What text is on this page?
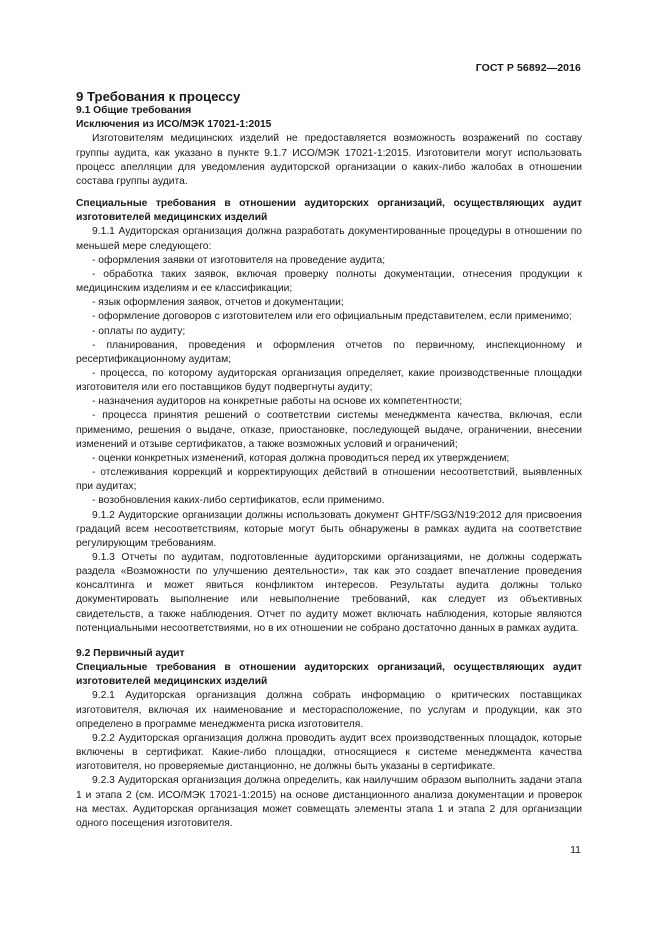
ГОСТ Р 56892—2016

9 Требования к процессу

9.1 Общие требования

Исключения из ИСО/МЭК 17021-1:2015

Изготовителям медицинских изделий не предоставляется возможность возражений по составу группы аудита, как указано в пункте 9.1.7 ИСО/МЭК 17021-1:2015. Изготовители могут использовать процесс апелляции для уведомления аудиторской организации о каких-либо жалобах в отношении состава группы аудита.

Специальные требования в отношении аудиторских организаций, осуществляющих аудит изготовителей медицинских изделий

9.1.1 Аудиторская организация должна разработать документированные процедуры в отношении по меньшей мере следующего:

- оформления заявки от изготовителя на проведение аудита;

- обработка таких заявок, включая проверку полноты документации, отнесения продукции к медицинским изделиям и ее классификации;

- язык оформления заявок, отчетов и документации;

- оформление договоров с изготовителем или его официальным представителем, если применимо;

- оплаты по аудиту;

- планирования, проведения и оформления отчетов по первичному, инспекционному и ресертификационному аудитам;

- процесса, по которому аудиторская организация определяет, какие производственные площадки изготовителя или его поставщиков будут подвергнуты аудиту;

- назначения аудиторов на конкретные работы на основе их компетентности;

- процесса принятия решений о соответствии системы менеджмента качества, включая, если применимо, решения о выдаче, отказе, приостановке, последующей выдаче, ограничении, внесении изменений и отзыве сертификатов, а также возможных условий и ограничений;

- оценки конкретных изменений, которая должна проводиться перед их утверждением;

- отслеживания коррекций и корректирующих действий в отношении несоответствий, выявленных при аудитах;

- возобновления каких-либо сертификатов, если применимо.

9.1.2 Аудиторские организации должны использовать документ GHTF/SG3/N19:2012 для присвоения градаций всем несоответствиям, которые могут быть обнаружены в рамках аудита на соответствие регулирующим требованиям.

9.1.3 Отчеты по аудитам, подготовленные аудиторскими организациями, не должны содержать раздела «Возможности по улучшению деятельности», так как это создает впечатление проведения консалтинга и может явиться конфликтом интересов. Результаты аудита должны только документировать выполнение или невыполнение требований, как следует из объективных свидетельств, а также наблюдения. Отчет по аудиту может включать наблюдения, которые являются потенциальными несоответствиями, но в их отношении не собрано достаточно данных в рамках аудита.

9.2 Первичный аудит

Специальные требования в отношении аудиторских организаций, осуществляющих аудит изготовителей медицинских изделий

9.2.1 Аудиторская организация должна собрать информацию о критических поставщиках изготовителя, включая их наименование и месторасположение, по услугам и продукции, как это определено в программе менеджмента риска изготовителя.

9.2.2 Аудиторская организация должна проводить аудит всех производственных площадок, которые включены в сертификат. Какие-либо площадки, относящиеся к системе менеджмента качества изготовителя, но проверяемые дистанционно, не должны быть указаны в сертификате.

9.2.3 Аудиторская организация должна определить, как наилучшим образом выполнить задачи этапа 1 и этапа 2 (см. ИСО/МЭК 17021-1:2015) на основе дистанционного анализа документации и проверок на местах. Аудиторская организация может совмещать элементы этапа 1 и этапа 2 для организации одного посещения изготовителя.

11
